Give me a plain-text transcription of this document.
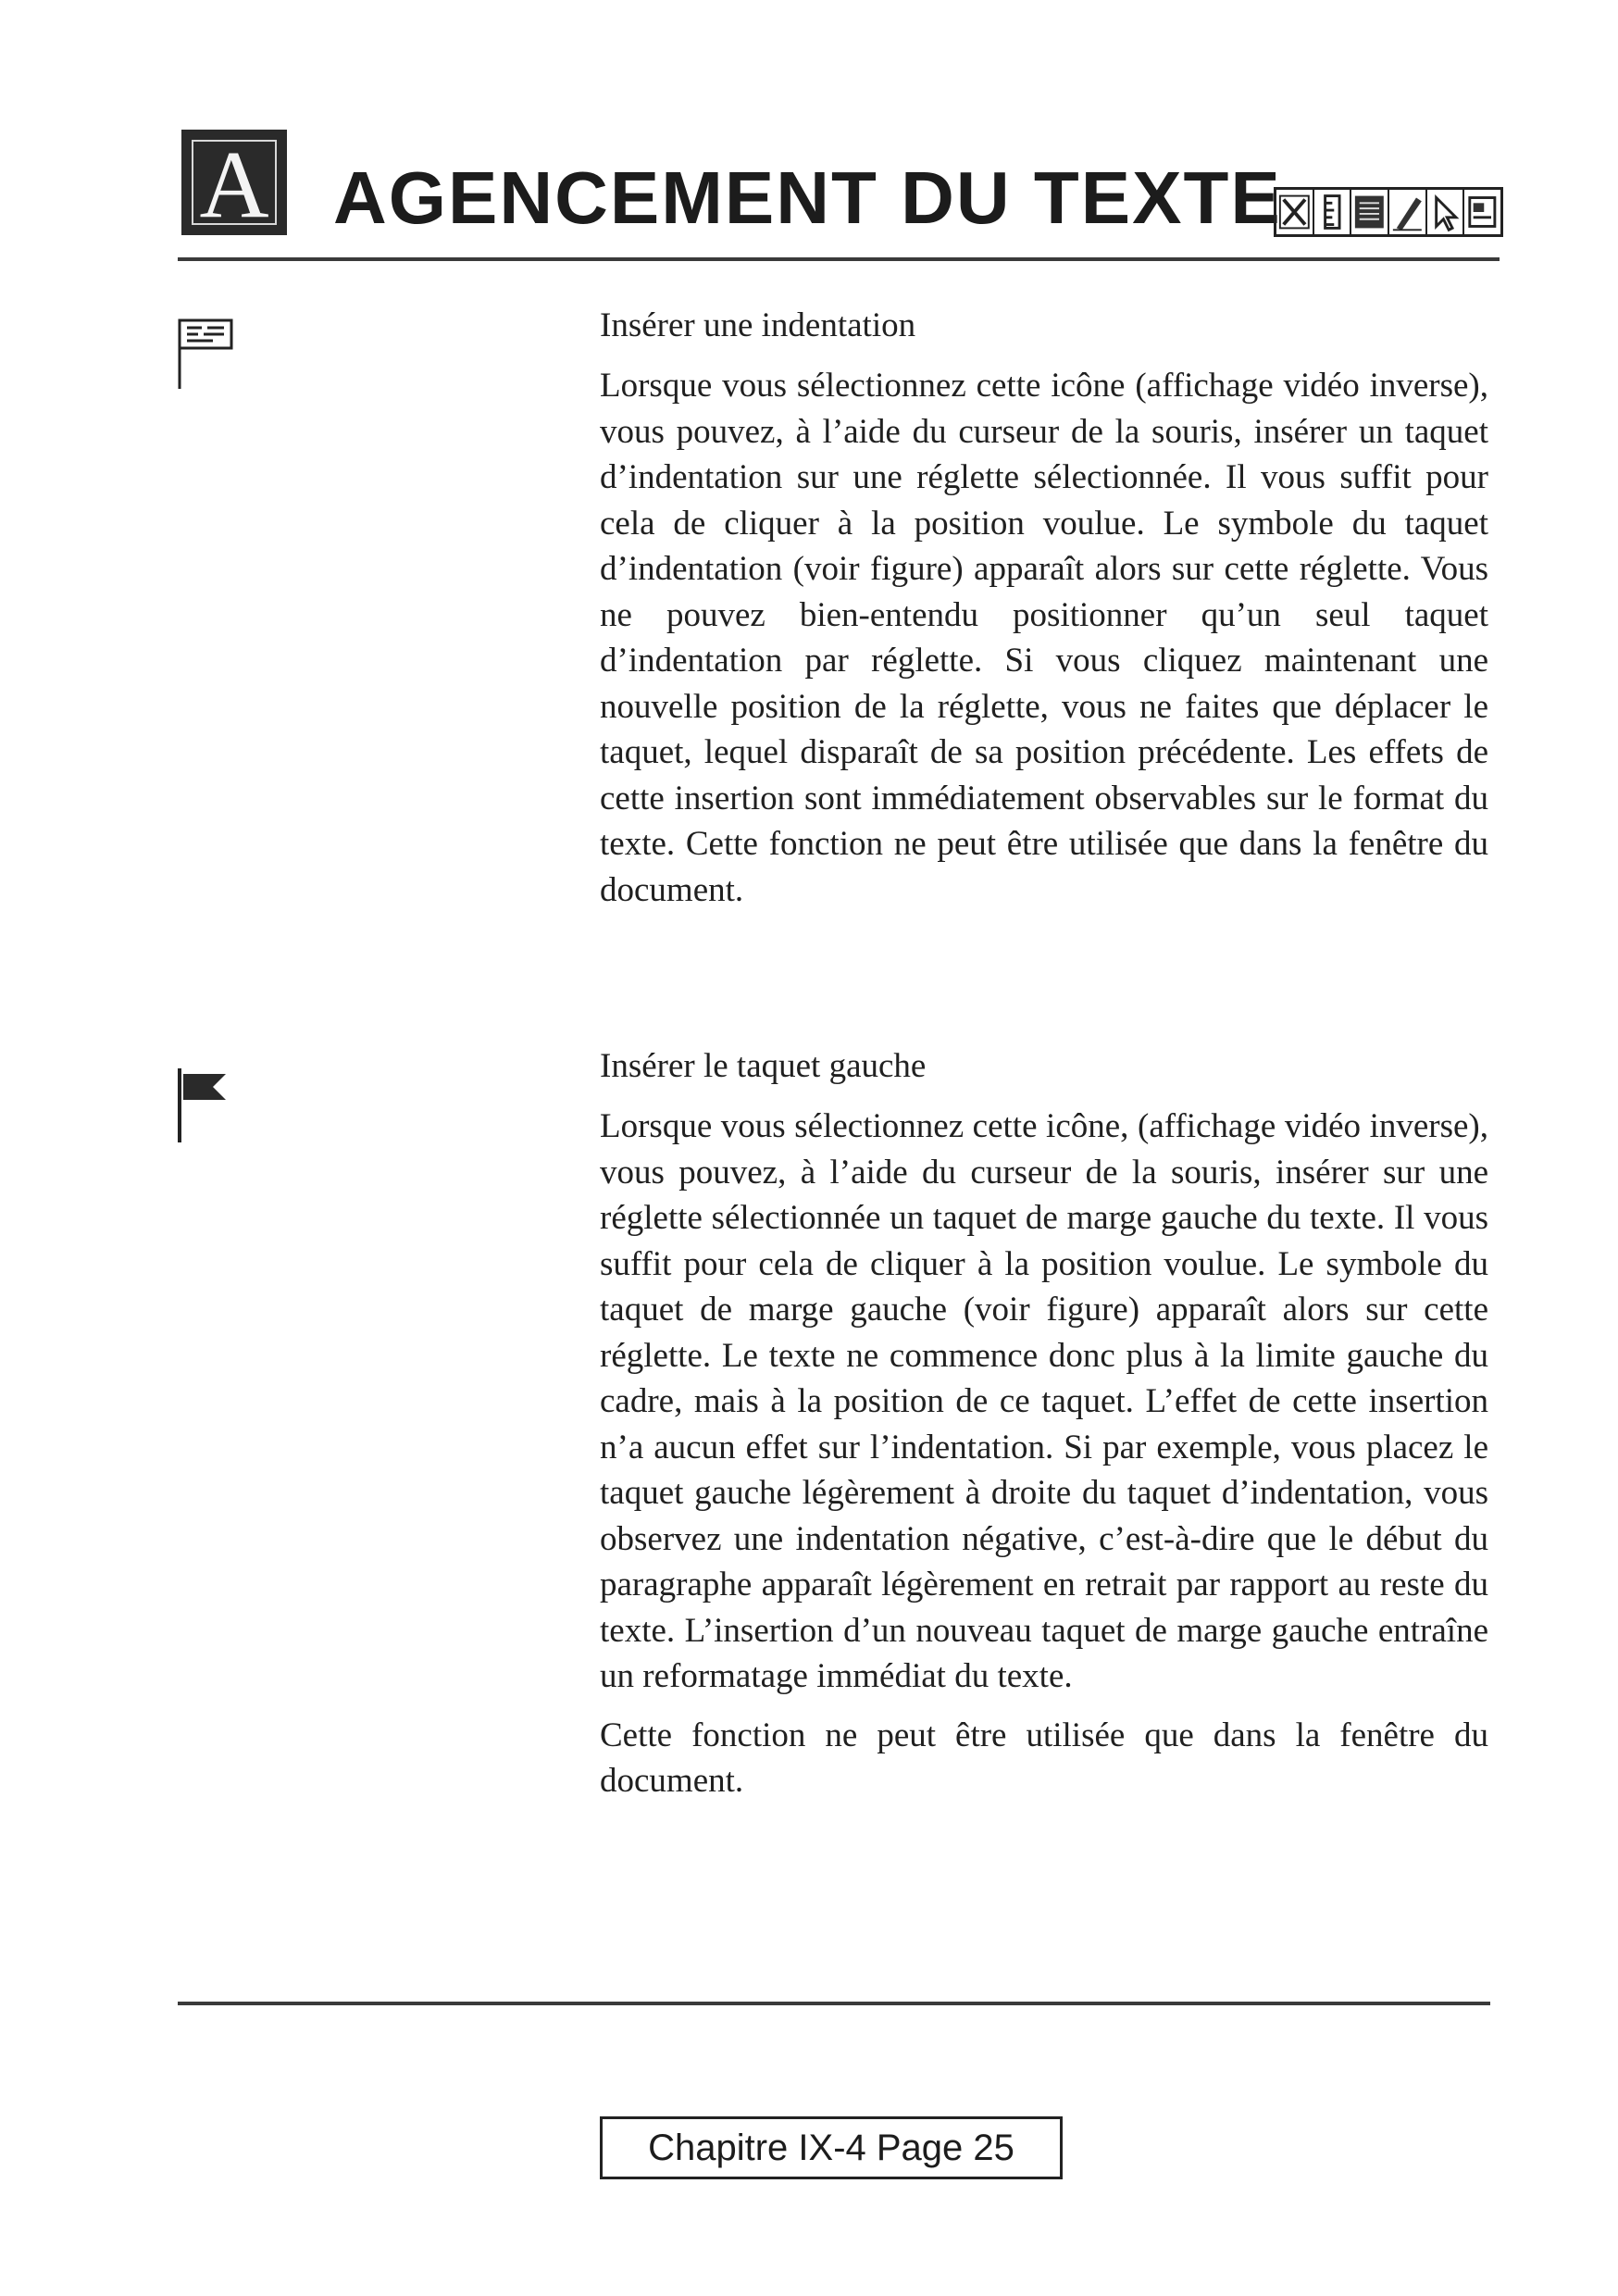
A AGENCEMENT DU TEXTE
Insérer une indentation

Lorsque vous sélectionnez cette icône (affichage vidéo inverse), vous pouvez, à l’aide du curseur de la souris, insérer un taquet d’indentation sur une réglette sélectionnée. Il vous suffit pour cela de cliquer à la position voulue. Le symbole du taquet d’indentation (voir figure) apparaît alors sur cette réglette. Vous ne pouvez bien-entendu positionner qu’un seul taquet d’indentation par réglette. Si vous cliquez maintenant une nouvelle position de la réglette, vous ne faites que déplacer le taquet, lequel disparaît de sa position précédente. Les effets de cette insertion sont immédiatement observables sur le format du texte. Cette fonction ne peut être utilisée que dans la fenêtre du document.

Insérer le taquet gauche

Lorsque vous sélectionnez cette icône, (affichage vidéo inverse), vous pouvez, à l’aide du curseur de la souris, insérer sur une réglette sélectionnée un taquet de marge gauche du texte. Il vous suffit pour cela de cliquer à la position voulue. Le symbole du taquet de marge gauche (voir figure) apparaît alors sur cette réglette. Le texte ne commence donc plus à la limite gauche du cadre, mais à la position de ce taquet. L’effet de cette insertion n’a aucun effet sur l’indentation. Si par exemple, vous placez le taquet gauche légèrement à droite du taquet d’indentation, vous observez une indentation négative, c’est-à-dire que le début du paragraphe apparaît légèrement en retrait par rapport au reste du texte. L’insertion d’un nouveau taquet de marge gauche entraîne un reformatage immédiat du texte.

Cette fonction ne peut être utilisée que dans la fenêtre du document.

Chapitre IX-4 Page 25
